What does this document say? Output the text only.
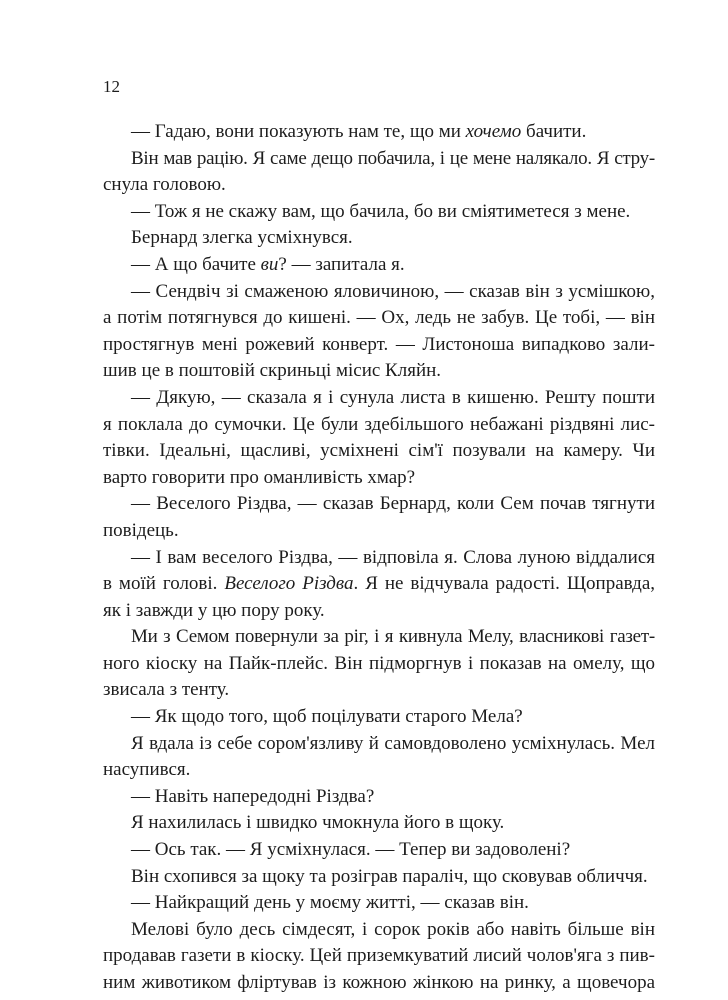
12

— Гадаю, вони показують нам те, що ми хочемо бачити.
Він мав рацію. Я саме дещо побачила, і це мене налякало. Я стру-
снула головою.
— Тож я не скажу вам, що бачила, бо ви сміятиметеся з мене.
Бернард злегка усміхнувся.
— А що бачите ви? — запитала я.
— Сендвіч зі смаженою яловичиною, — сказав він з усмішкою,
а потім потягнувся до кишені. — Ох, ледь не забув. Це тобі, — він
простягнув мені рожевий конверт. — Листоноша випадково зали-
шив це в поштовій скриньці місис Кляйн.
— Дякую, — сказала я і сунула листа в кишеню. Решту пошти
я поклала до сумочки. Це були здебільшого небажані різдвяні лис-
тівки. Ідеальні, щасливі, усміхнені сім'ї позували на камеру. Чи
варто говорити про оманливість хмар?
— Веселого Різдва, — сказав Бернард, коли Сем почав тягнути
повідець.
— І вам веселого Різдва, — відповіла я. Слова луною віддалися
в моїй голові. Веселого Різдва. Я не відчувала радості. Щоправда,
як і завжди у цю пору року.
Ми з Семом повернули за ріг, і я кивнула Мелу, власникові газет-
ного кіоску на Пайк-плейс. Він підморгнув і показав на омелу, що
звисала з тенту.
— Як щодо того, щоб поцілувати старого Мела?
Я вдала із себе сором'язливу й самовдоволено усміхнулась. Мел
насупився.
— Навіть напередодні Різдва?
Я нахилилась і швидко чмокнула його в щоку.
— Ось так. — Я усміхнулася. — Тепер ви задоволені?
Він схопився за щоку та розіграв параліч, що сковував обличчя.
— Найкращий день у моєму житті, — сказав він.
Мелові було десь сімдесят, і сорок років або навіть більше він
продавав газети в кіоску. Цей приземкуватий лисий чолов'яга з пив-
ним животиком фліртував із кожною жінкою на ринку, а щовечора
